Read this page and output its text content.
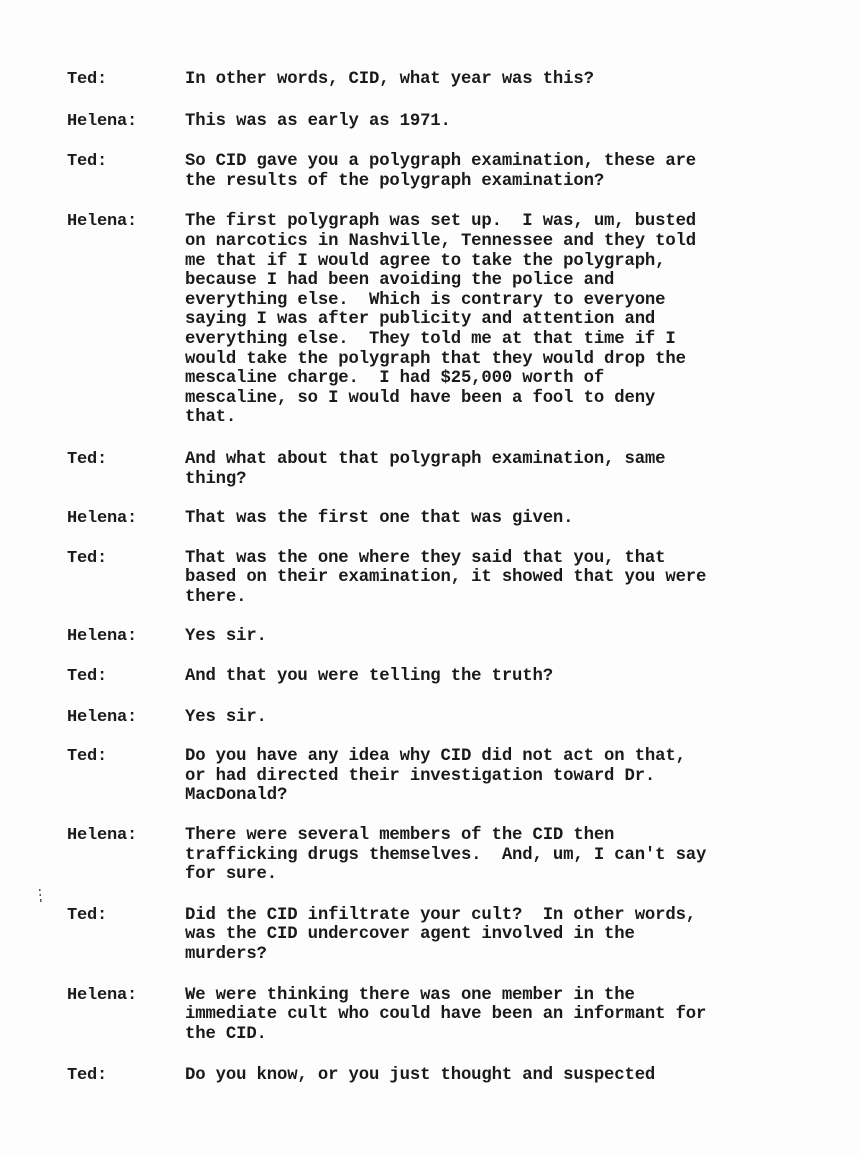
Ted:	In other words, CID, what year was this?
Helena:	This was as early as 1971.
Ted:	So CID gave you a polygraph examination, these are
the results of the polygraph examination?
Helena:	The first polygraph was set up.  I was, um, busted
on narcotics in Nashville, Tennessee and they told
me that if I would agree to take the polygraph,
because I had been avoiding the police and
everything else.  Which is contrary to everyone
saying I was after publicity and attention and
everything else.  They told me at that time if I
would take the polygraph that they would drop the
mescaline charge.  I had $25,000 worth of
mescaline, so I would have been a fool to deny
that.
Ted:	And what about that polygraph examination, same
thing?
Helena:	That was the first one that was given.
Ted:	That was the one where they said that you, that
based on their examination, it showed that you were
there.
Helena:	Yes sir.
Ted:	And that you were telling the truth?
Helena:	Yes sir.
Ted:	Do you have any idea why CID did not act on that,
or had directed their investigation toward Dr.
MacDonald?
Helena:	There were several members of the CID then
trafficking drugs themselves.  And, um, I can't say
for sure.
Ted:	Did the CID infiltrate your cult?  In other words,
was the CID undercover agent involved in the
murders?
Helena:	We were thinking there was one member in the
immediate cult who could have been an informant for
the CID.
Ted:	Do you know, or you just thought and suspected
